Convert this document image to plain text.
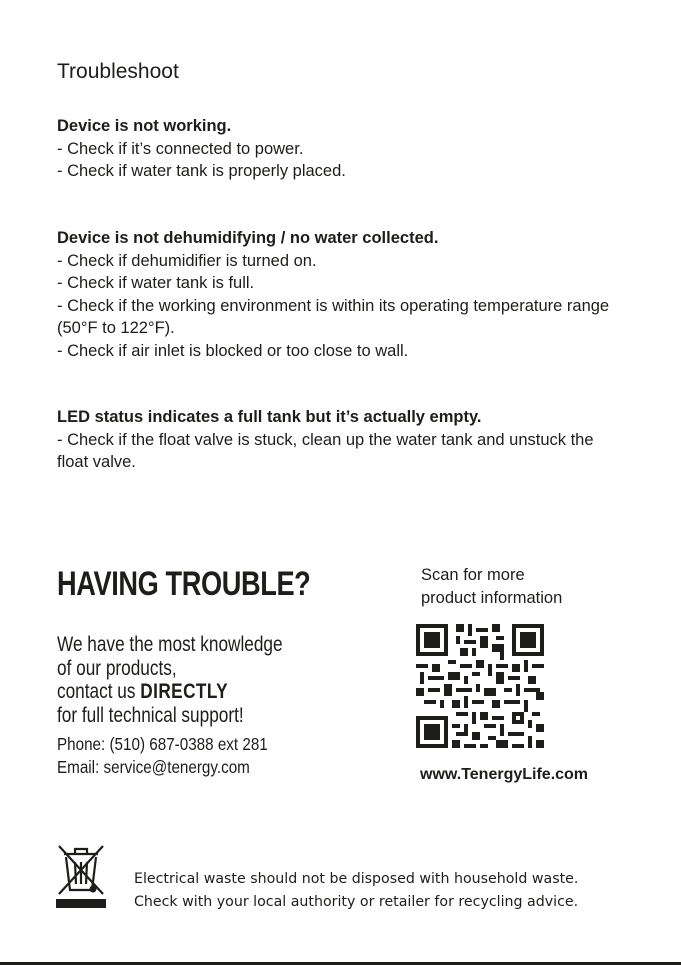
Troubleshoot

Device is not working.

- Check if it’s connected to power.

- Check if water tank is properly placed.

Device is not dehumidifying / no water collected.

- Check if dehumidifier is turned on.

- Check if water tank is full.

- Check if the working environment is within its operating temperature range (50°F to 122°F).

- Check if air inlet is blocked or too close to wall.

LED status indicates a full tank but it’s actually empty.

- Check if the float valve is stuck, clean up the water tank and unstuck the float valve.

HAVING TROUBLE?
We have the most knowledge
of our products,
contact us DIRECTLY
for full technical support!
Phone: (510) 687-0388 ext 281
Email: service@tenergy.com
Scan for more
product information
www.TenergyLife.com
Electrical waste should not be disposed with household waste.
Check with your local authority or retailer for recycling advice.
